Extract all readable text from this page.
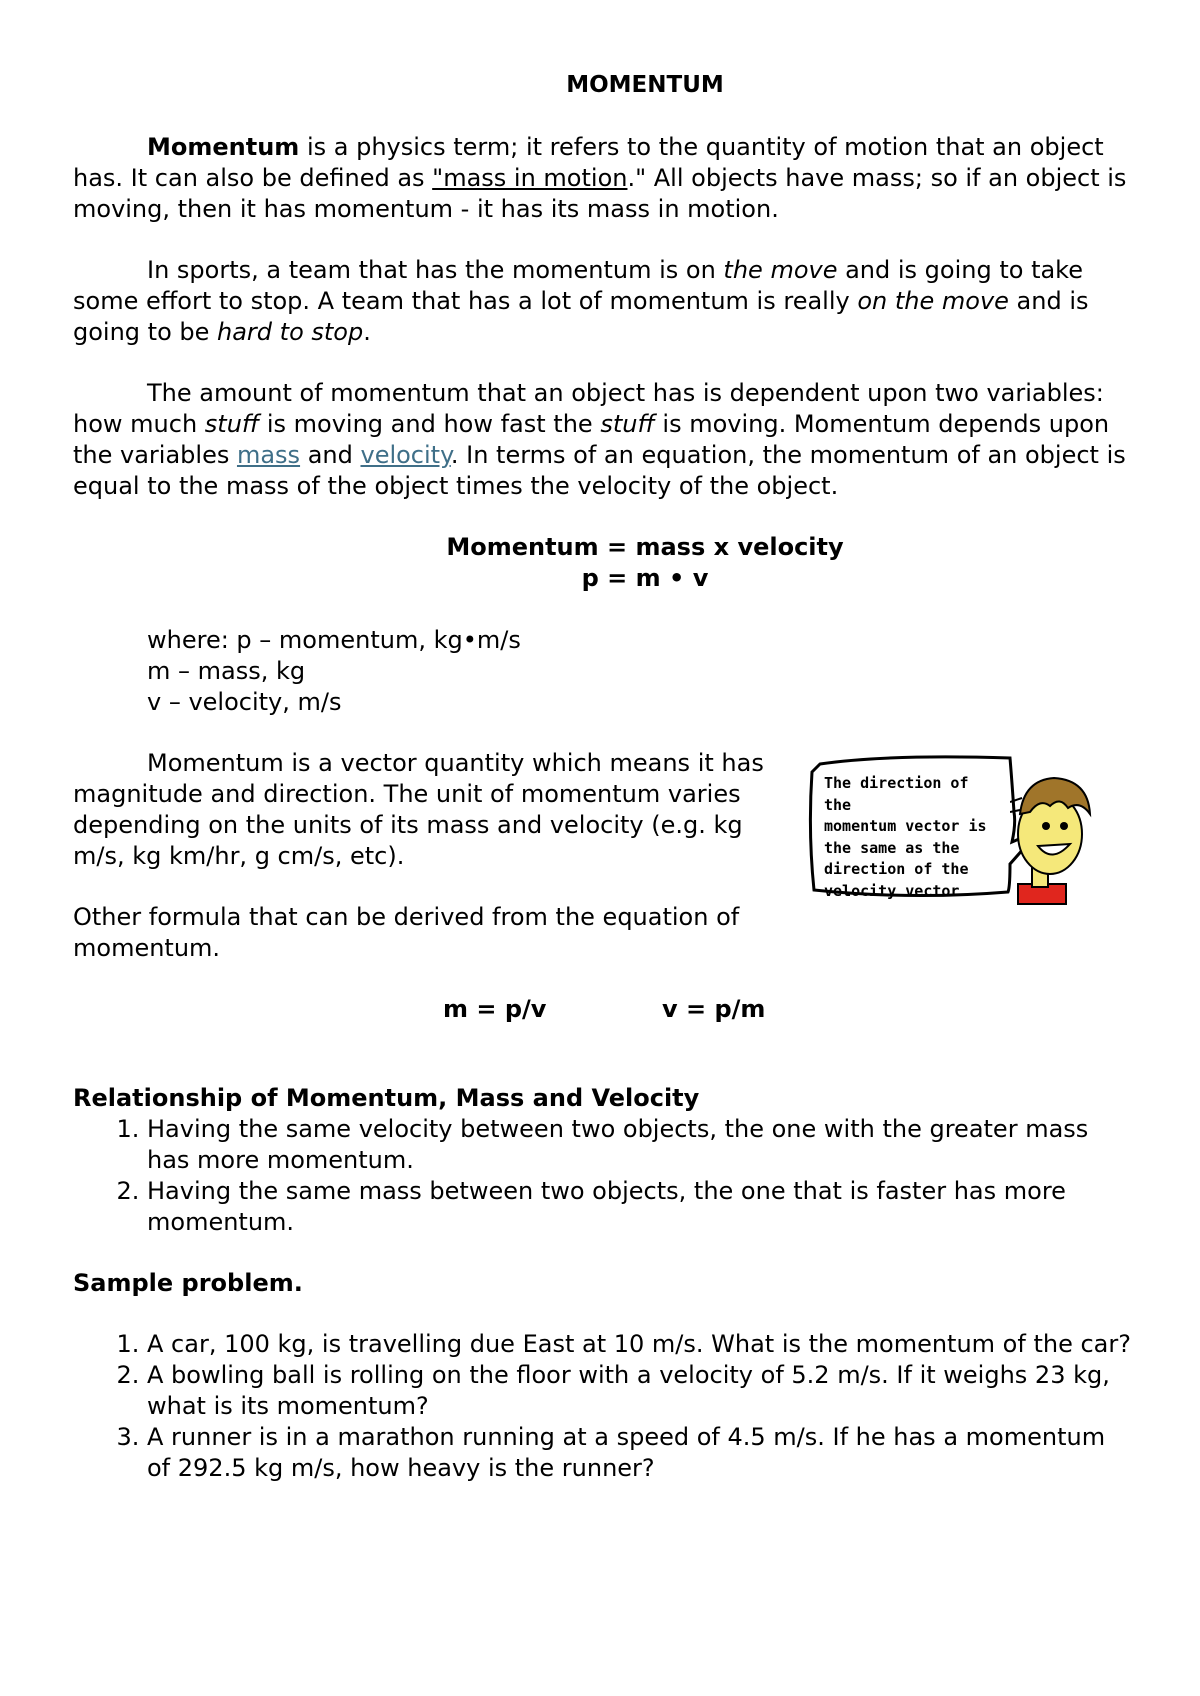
MOMENTUM

Momentum is a physics term; it refers to the quantity of motion that an object has. It can also be defined as "mass in motion." All objects have mass; so if an object is moving, then it has momentum - it has its mass in motion.

In sports, a team that has the momentum is on the move and is going to take some effort to stop. A team that has a lot of momentum is really on the move and is going to be hard to stop.

The amount of momentum that an object has is dependent upon two variables: how much stuff is moving and how fast the stuff is moving. Momentum depends upon the variables mass and velocity. In terms of an equation, the momentum of an object is equal to the mass of the object times the velocity of the object.

Momentum = mass x velocity
p = m • v
where: p – momentum, kg•m/s
m – mass, kg
v – velocity, m/s

Momentum is a vector quantity which means it has magnitude and direction. The unit of momentum varies depending on the units of its mass and velocity (e.g. kg m/s, kg km/hr, g cm/s, etc).

Other formula that can be derived from the equation of momentum.

m = p/v	v = p/m
The direction of the
momentum vector is
the same as the
direction of the
velocity vector
Relationship of Momentum, Mass and Velocity
1. Having the same velocity between two objects, the one with the greater mass has more momentum.
2. Having the same mass between two objects, the one that is faster has more momentum.
Sample problem.
1. A car, 100 kg, is travelling due East at 10 m/s. What is the momentum of the car?
2. A bowling ball is rolling on the floor with a velocity of 5.2 m/s. If it weighs 23 kg, what is its momentum?
3. A runner is in a marathon running at a speed of 4.5 m/s. If he has a momentum of 292.5 kg m/s, how heavy is the runner?
